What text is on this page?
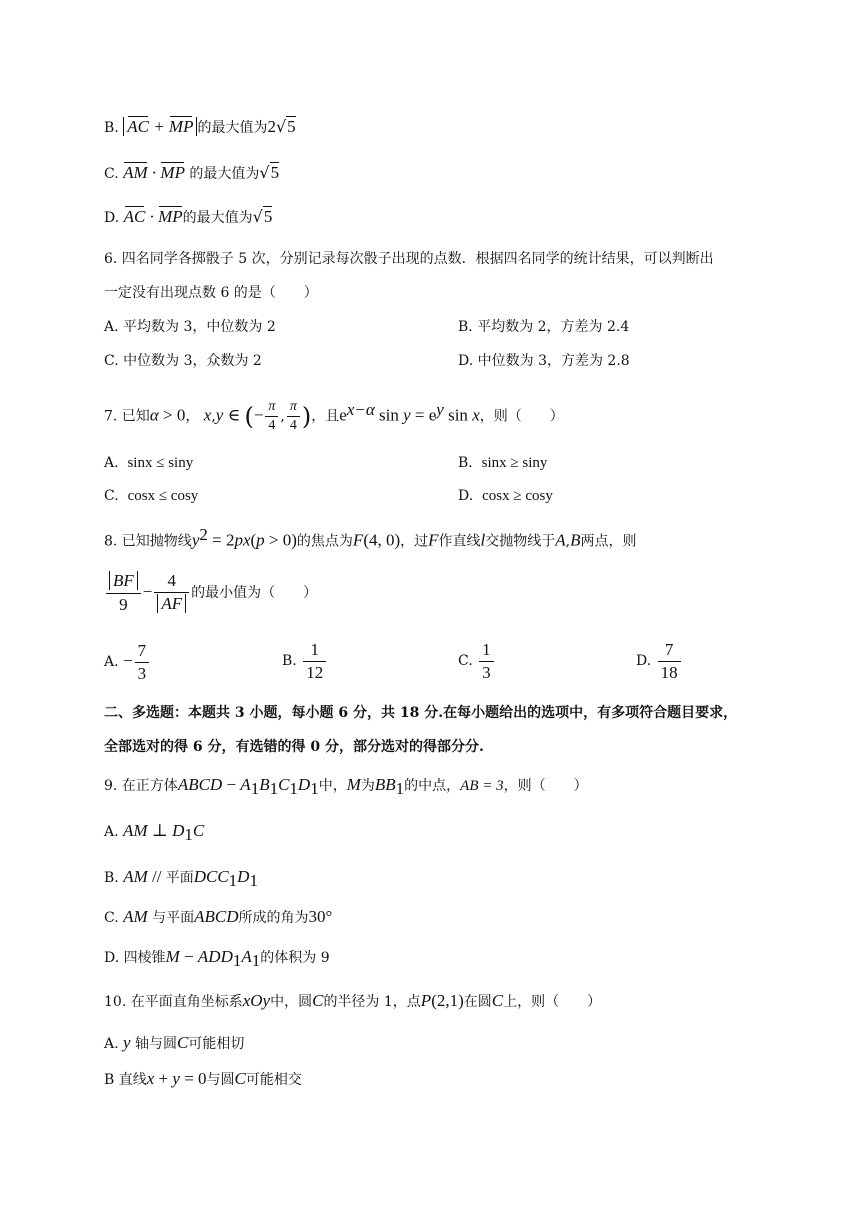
B. AC + MP 的最大值为2√5
C. AM · MP 的最大值为√5
D. AC · MP的最大值为√5
6. 四名同学各掷骰子 5 次，分别记录每次骰子出现的点数．根据四名同学的统计结果，可以判断出
一定没有出现点数 6 的是（　　）
A. 平均数为 3，中位数为 2	B. 平均数为 2，方差为 2.4
C. 中位数为 3，众数为 2	D. 中位数为 3，方差为 2.8
7. 已知α > 0， x,y ∈ (− $\frac{\pi}{4}$ , $\frac{\pi}{4}$ )，且$e^{x-\alpha}$ $\sin y = e^y$ sin x，则（　　）
A. sinx ≤ siny	B. sinx ≥ siny
C. cosx ≤ cosy	D. cosx ≥ cosy
8. 已知抛物线$y^2 = 2px(p > 0)$的焦点为F(4, 0)，过F作直线l交抛物线于A,B两点，则
$\frac{BF}{9} - \frac{4}{AF}$ 的最小值为（　　）
A. − $\frac{7}{3}$	B. $\frac{1}{12}$	C. $\frac{1}{3}$	D. $\frac{7}{18}$
二、多选题：本题共 3 小题，每小题 6 分，共 18 分.在每小题给出的选项中，有多项符合题目要求，
全部选对的得 6 分，有选错的得 0 分，部分选对的得部分分.
9. 在正方体ABCD − $A_1B_1C_1D_1$中，M为$BB_1$的中点，AB = 3，则（　　）
A. AM ⊥ $D_1C$
B. AM // 平面$DCC_1D_1$
C. AM 与平面ABCD所成的角为30°
D. 四棱锥$M - ADD_1A_1$的体积为 9
10. 在平面直角坐标系xOy中，圆C的半径为 1，点P(2,1)在圆C上，则（　　）
A. y 轴与圆C可能相切
B 直线x + y = 0与圆C可能相交
